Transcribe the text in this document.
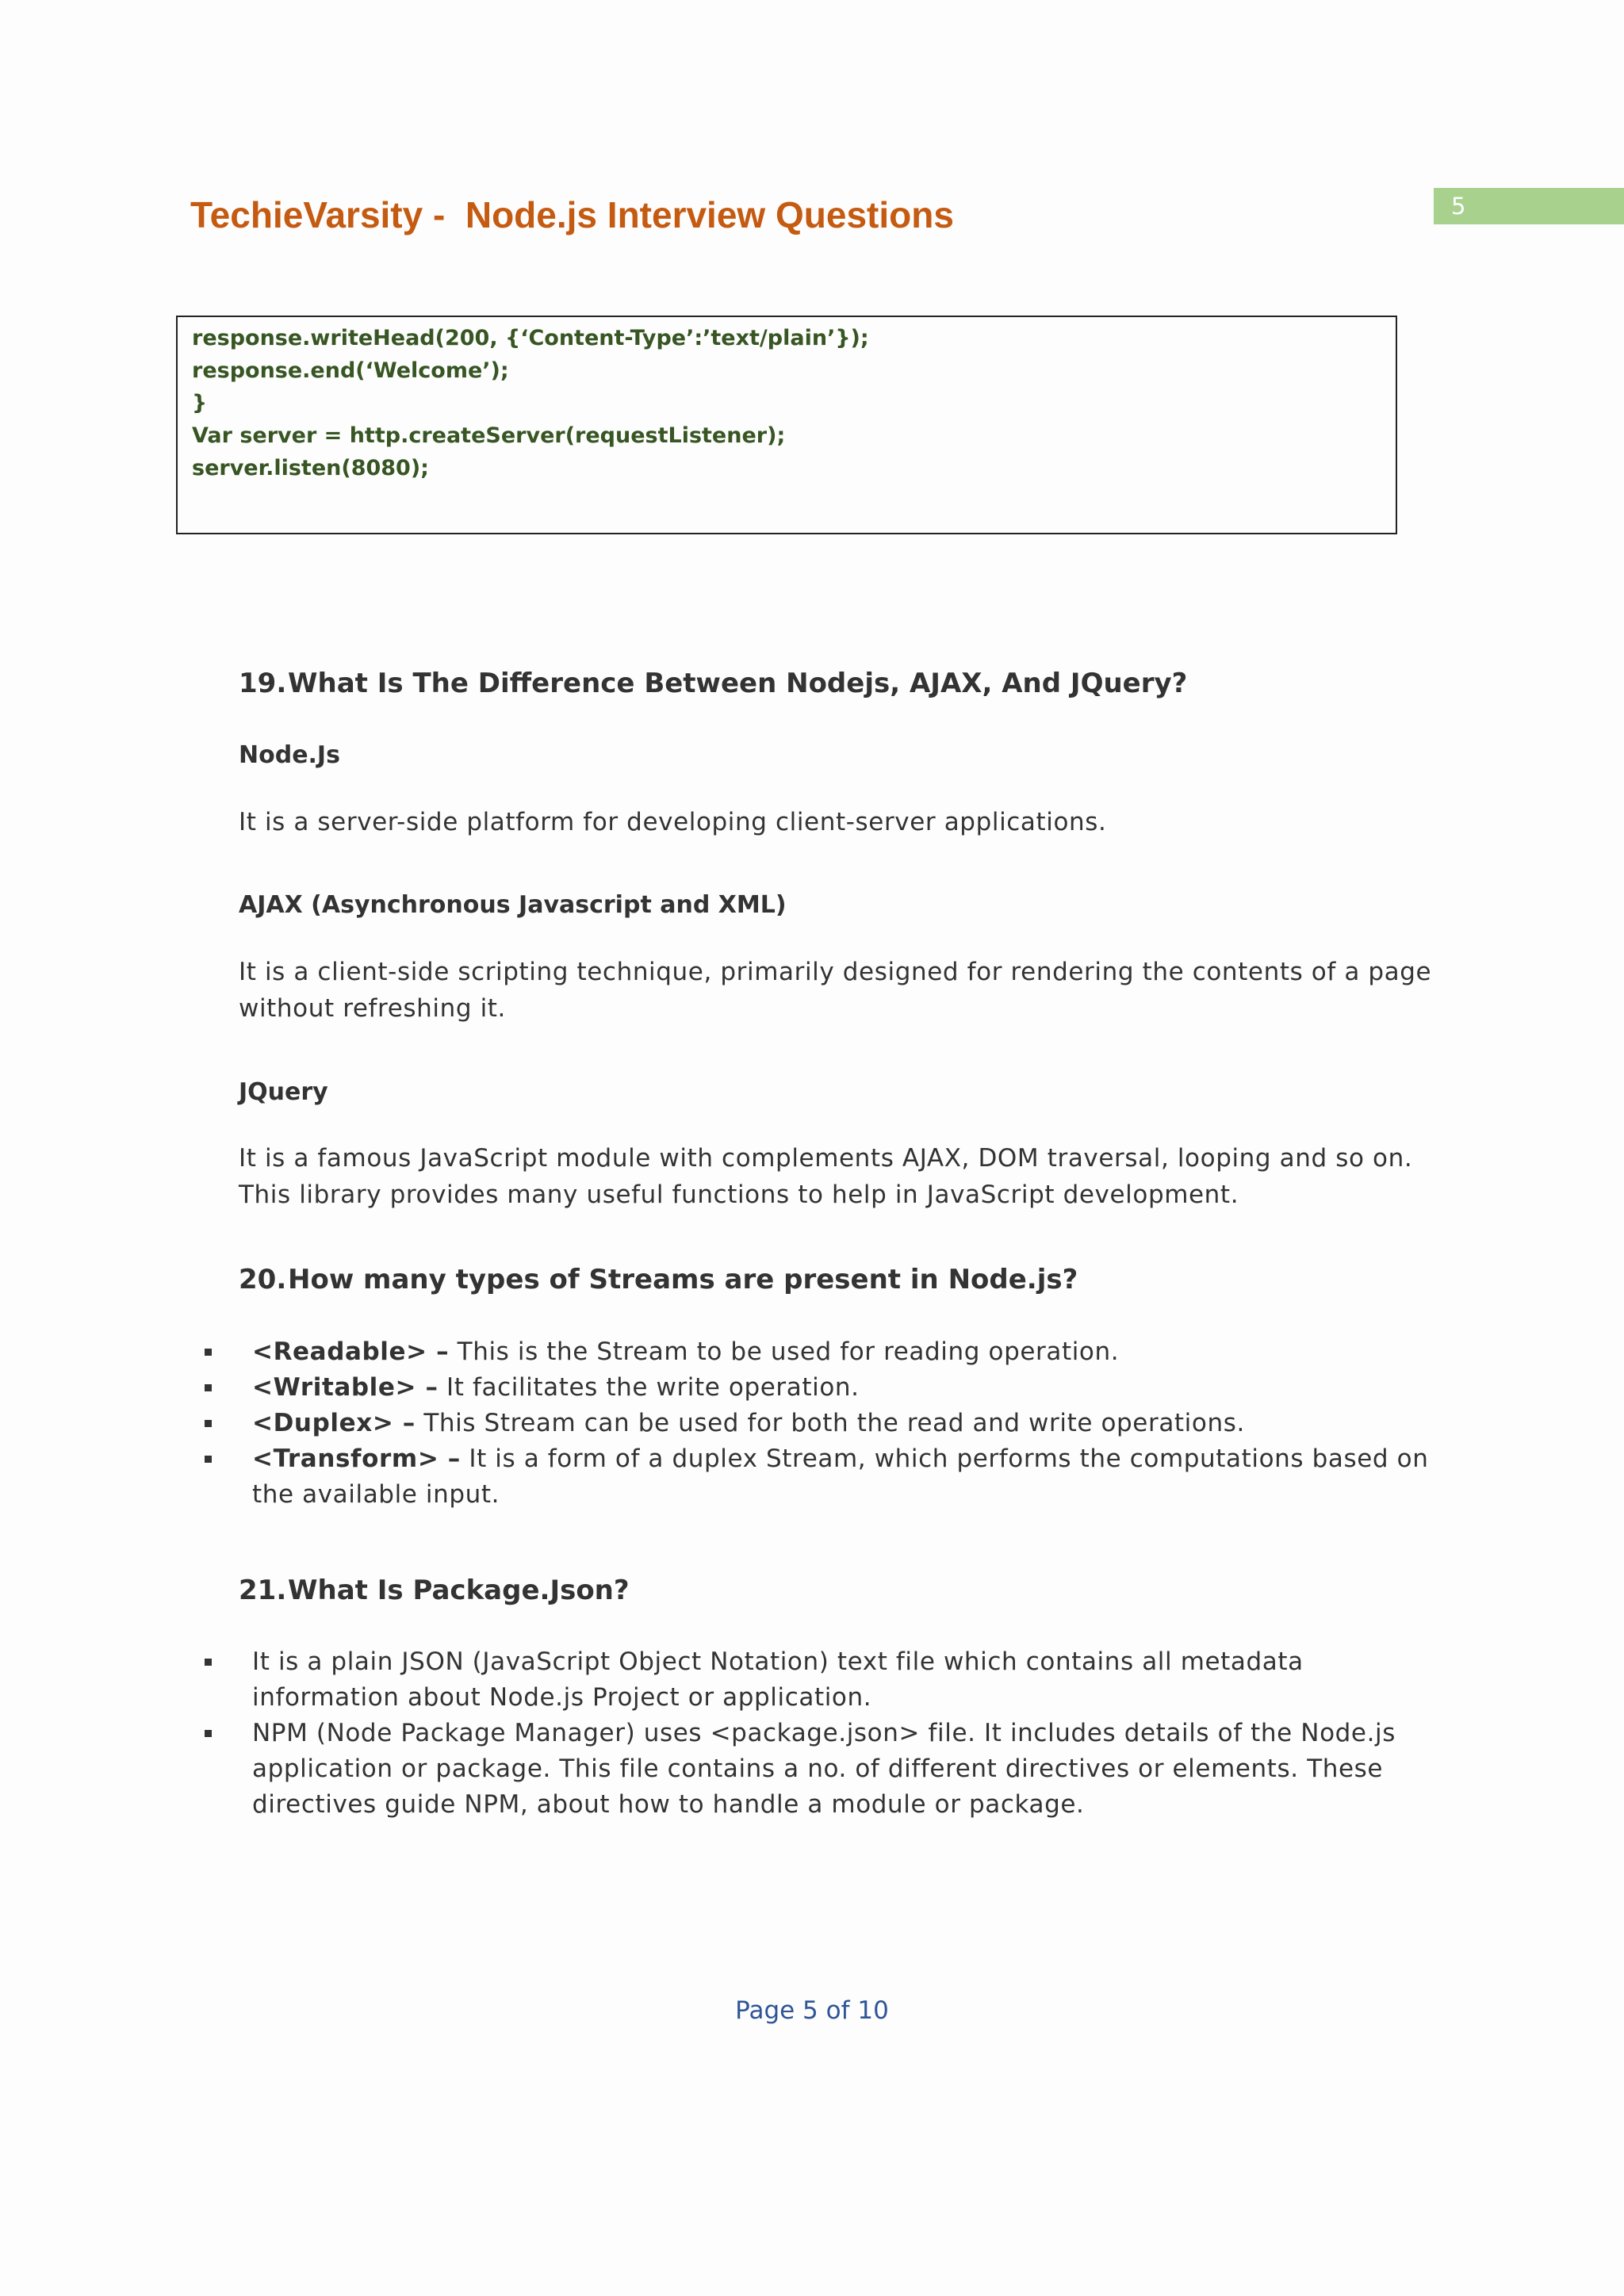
5
TechieVarsity -  Node.js Interview Questions
response.writeHead(200, {‘Content-Type’:’text/plain’});
response.end(‘Welcome’);
}
Var server = http.createServer(requestListener);
server.listen(8080);
19.What Is The Difference Between Nodejs, AJAX, And JQuery?
Node.Js

It is a server-side platform for developing client-server applications.

AJAX (Asynchronous Javascript and XML)

It is a client-side scripting technique, primarily designed for rendering the contents of a page without refreshing it.

JQuery

It is a famous JavaScript module with complements AJAX, DOM traversal, looping and so on. This library provides many useful functions to help in JavaScript development.

20.How many types of Streams are present in Node.js?
<Readable> – This is the Stream to be used for reading operation.
<Writable> – It facilitates the write operation.
<Duplex> – This Stream can be used for both the read and write operations.
<Transform> – It is a form of a duplex Stream, which performs the computations based on the available input.
21.What Is Package.Json?
It is a plain JSON (JavaScript Object Notation) text file which contains all metadata information about Node.js Project or application.
NPM (Node Package Manager) uses <package.json> file. It includes details of the Node.js application or package. This file contains a no. of different directives or elements. These directives guide NPM, about how to handle a module or package.
Page 5 of 10
